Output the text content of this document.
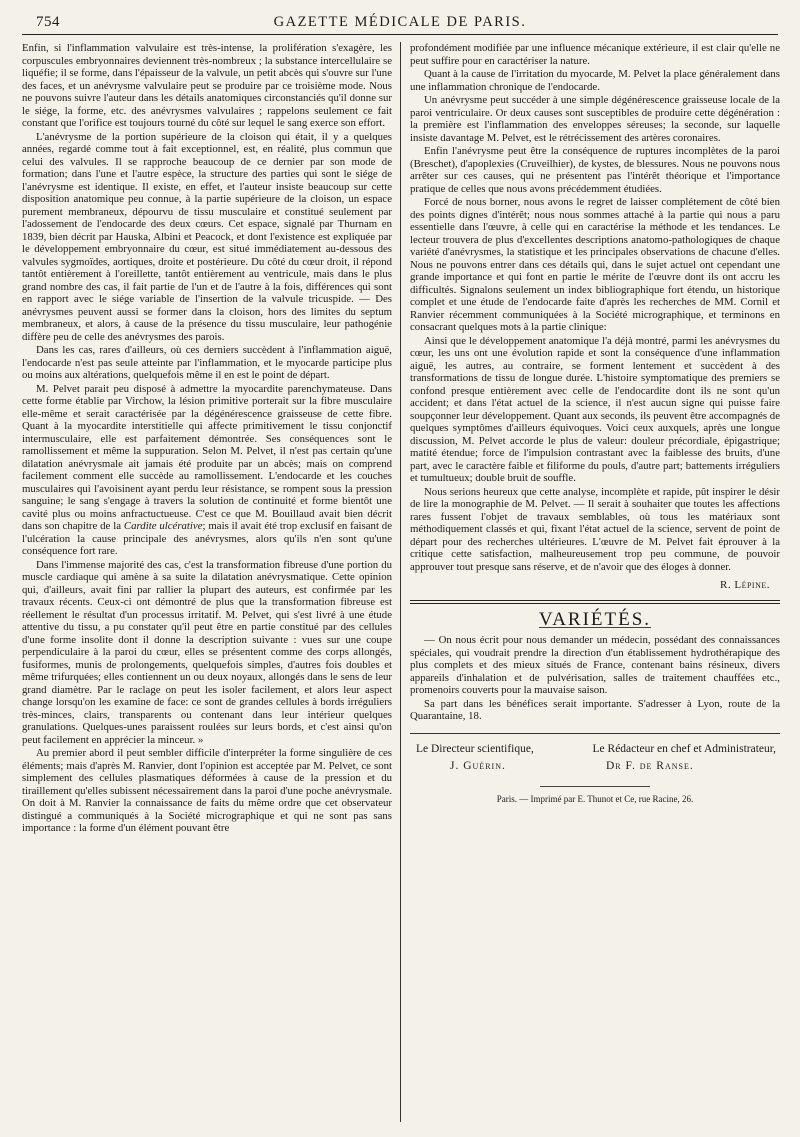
754	GAZETTE MÉDICALE DE PARIS.

Enfin, si l'inflammation valvulaire est très-intense, la prolifération s'exagère, les corpuscules embryonnaires deviennent très-nombreux ; la substance intercellulaire se liquéfie; il se forme, dans l'épaisseur de la valvule, un petit abcès qui s'ouvre sur l'une des faces, et un anévrysme valvulaire peut se produire par ce troisième mode. Nous ne pouvons suivre l'auteur dans les détails anatomiques circonstanciés qu'il donne sur le siége, la forme, etc. des anévrysmes valvulaires ; rappelons seulement ce fait constant que l'orifice est toujours tourné du côté sur lequel le sang exerce son effort.

L'anévrysme de la portion supérieure de la cloison qui était, il y a quelques années, regardé comme tout à fait exceptionnel, est, en réalité, plus commun que celui des valvules. Il se rapproche beaucoup de ce dernier par son mode de formation; dans l'une et l'autre espèce, la structure des parties qui sont le siége de l'anévrysme est identique. Il existe, en effet, et l'auteur insiste beaucoup sur cette disposition anatomique peu connue, à la partie supérieure de la cloison, un espace purement membraneux, dépourvu de tissu musculaire et constitué seulement par l'adossement de l'endocarde des deux cœurs. Cet espace, signalé par Thurnam en 1839, bien décrit par Hauska, Albini et Peacock, et dont l'existence est expliquée par le développement embryonnaire du cœur, est situé immédiatement au-dessous des valvules sygmoïdes, aortiques, droite et postérieure. Du côté du cœur droit, il répond tantôt entièrement à l'oreillette, tantôt entièrement au ventricule, mais dans le plus grand nombre des cas, il fait partie de l'un et de l'autre à la fois, différences qui sont en rapport avec le siége variable de l'insertion de la valvule tricuspide. — Des anévrysmes peuvent aussi se former dans la cloison, hors des limites du septum membraneux, et alors, à cause de la présence du tissu musculaire, leur pathogénie diffère peu de celle des anévrysmes des parois.

Dans les cas, rares d'ailleurs, où ces derniers succèdent à l'inflammation aiguë, l'endocarde n'est pas seule atteinte par l'inflammation, et le myocarde participe plus ou moins aux altérations, quelquefois même il en est le point de départ.

M. Pelvet parait peu disposé à admettre la myocardite parenchymateuse. Dans cette forme établie par Virchow, la lésion primitive porterait sur la fibre musculaire elle-même et serait caractérisée par la dégénérescence graisseuse de cette fibre. Quant à la myocardite interstitielle qui affecte primitivement le tissu conjonctif intermusculaire, elle est parfaitement démontrée. Ses conséquences sont le ramollissement et même la suppuration. Selon M. Pelvet, il n'est pas certain qu'une dilatation anévrysmale ait jamais été produite par un abcès; mais on comprend facilement comment elle succède au ramollissement. L'endocarde et les couches musculaires qui l'avoisinent ayant perdu leur résistance, se rompent sous la pression sanguine; le sang s'engage à travers la solution de continuité et forme bientôt une cavité plus ou moins anfractuctueuse. C'est ce que M. Bouillaud avait bien décrit dans son chapitre de la Cardite ulcérative; mais il avait été trop exclusif en faisant de l'ulcération la cause principale des anévrysmes, alors qu'ils n'en sont qu'une conséquence fort rare.

Dans l'immense majorité des cas, c'est la transformation fibreuse d'une portion du muscle cardiaque qui amène à sa suite la dilatation anévrysmatique. Cette opinion qui, d'ailleurs, avait fini par rallier la plupart des auteurs, est confirmée par les travaux récents. Ceux-ci ont démontré de plus que la transformation fibreuse est réellement le résultat d'un processus irritatif. M. Pelvet, qui s'est livré à une étude attentive du tissu, a pu constater qu'il peut être en partie constitué par des cellules d'une forme insolite dont il donne la description suivante : vues sur une coupe perpendiculaire à la paroi du cœur, elles se présentent comme des corps allongés, fusiformes, munis de prolongements, quelquefois simples, d'autres fois doubles et même trifurquées; elles contiennent un ou deux noyaux, allongés dans le sens de leur grand diamètre. Par le raclage on peut les isoler facilement, et alors leur aspect change lorsqu'on les examine de face: ce sont de grandes cellules à bords irréguliers très-minces, clairs, transparents ou contenant dans leur intérieur quelques granulations. Quelques-unes paraissent roulées sur leurs bords, et c'est ainsi qu'on peut facilement en apprécier la minceur. »

Au premier abord il peut sembler difficile d'interpréter la forme singulière de ces éléments; mais d'après M. Ranvier, dont l'opinion est acceptée par M. Pelvet, ce sont simplement des cellules plasmatiques déformées à cause de la pression et du tiraillement qu'elles subissent nécessairement dans la paroi d'une poche anévrysmale. On doit à M. Ranvier la connaissance de faits du même ordre que cet observateur distingué a communiqués à la Société micrographique et qui ne sont pas sans importance : la forme d'un élément pouvant être

profondément modifiée par une influence mécanique extérieure, il est clair qu'elle ne peut suffire pour en caractériser la nature.

Quant à la cause de l'irritation du myocarde, M. Pelvet la place généralement dans une inflammation chronique de l'endocarde.

Un anévrysme peut succéder à une simple dégénérescence graisseuse locale de la paroi ventriculaire. Or deux causes sont susceptibles de produire cette dégénération : la première est l'inflammation des enveloppes séreuses; la seconde, sur laquelle insiste davantage M. Pelvet, est le rétrécissement des artères coronaires.

Enfin l'anévrysme peut être la conséquence de ruptures incomplètes de la paroi (Breschet), d'apoplexies (Cruveilhier), de kystes, de blessures. Nous ne pouvons nous arrêter sur ces causes, qui ne présentent pas l'intérêt théorique et l'importance pratique de celles que nous avons précédemment étudiées.

Forcé de nous borner, nous avons le regret de laisser complétement de côté bien des points dignes d'intérêt; nous nous sommes attaché à la partie qui nous a paru essentielle dans l'œuvre, à celle qui en caractérise la méthode et les tendances. Le lecteur trouvera de plus d'excellentes descriptions anatomo-pathologiques de chaque variété d'anévrysmes, la statistique et les principales observations de chacune d'elles. Nous ne pouvons entrer dans ces détails qui, dans le sujet actuel ont cependant une grande importance et qui font en partie le mérite de l'œuvre dont ils ont accru les difficultés. Signalons seulement un index bibliographique fort étendu, un historique complet et une étude de l'endocarde faite d'après les recherches de MM. Cornil et Ranvier récemment communiquées à la Société micrographique, et terminons en consacrant quelques mots à la partie clinique:

Ainsi que le développement anatomique l'a déjà montré, parmi les anévrysmes du cœur, les uns ont une évolution rapide et sont la conséquence d'une inflammation aiguë, les autres, au contraire, se forment lentement et succèdent à des transformations de tissu de longue durée. L'histoire symptomatique des premiers se confond presque entièrement avec celle de l'endocardite dont ils ne sont qu'un accident; et dans l'état actuel de la science, il n'est aucun signe qui puisse faire soupçonner leur développement. Quant aux seconds, ils peuvent être accompagnés de quelques symptômes d'ailleurs équivoques. Voici ceux auxquels, après une longue discussion, M. Pelvet accorde le plus de valeur: douleur précordiale, épigastrique; matité étendue; force de l'impulsion contrastant avec la faiblesse des bruits, d'une part, avec le caractère faible et filiforme du pouls, d'autre part; battements irréguliers et tumultueux; double bruit de souffle.

Nous serions heureux que cette analyse, incomplète et rapide, pût inspirer le désir de lire la monographie de M. Pelvet. — Il serait à souhaiter que toutes les affections rares fussent l'objet de travaux semblables, où tous les matériaux sont méthodiquement classés et qui, fixant l'état actuel de la science, servent de point de départ pour des recherches ultérieures. L'œuvre de M. Pelvet fait éprouver à la critique cette satisfaction, malheureusement trop peu commune, de pouvoir approuver tout presque sans réserve, et de n'avoir que des éloges à donner.

R. Lépine.
VARIÉTÉS.

— On nous écrit pour nous demander un médecin, possédant des connaissances spéciales, qui voudrait prendre la direction d'un établissement hydrothérapique des plus complets et des mieux situés de France, contenant bains résineux, divers appareils d'inhalation et de pulvérisation, salles de traitement chauffées etc., promenoirs couverts pour la mauvaise saison.

Sa part dans les bénéfices serait importante. S'adresser à Lyon, route de la Quarantaine, 18.

Le Directeur scientifique,	Le Rédacteur en chef et Administrateur,
J. Guérin.	Dr F. de Ranse.
Paris. — Imprimé par E. Thunot et Ce, rue Racine, 26.
